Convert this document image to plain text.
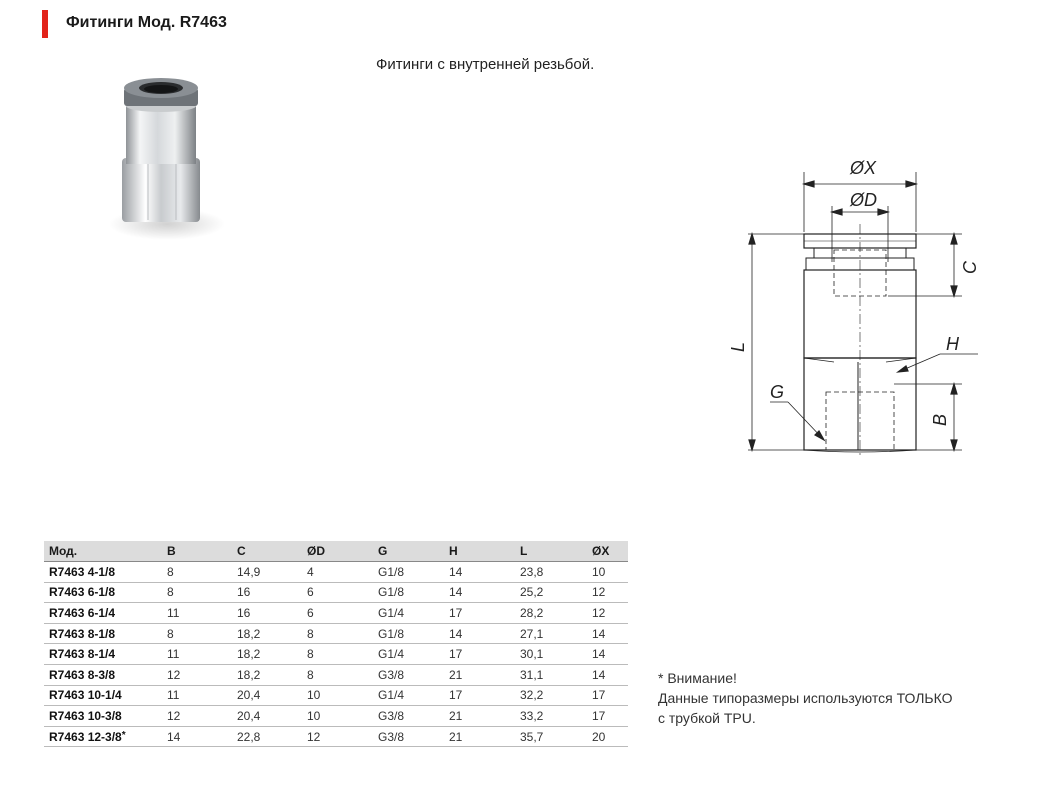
Фитинги Мод. R7463
Фитинги с внутренней резьбой.
ØX
ØD
C
L	H
G
B
Мод.	B	C	ØD	G	H	L	ØX
R7463 4-1/8	8	14,9	4	G1/8	14	23,8	10
R7463 6-1/8	8	16	6	G1/8	14	25,2	12
R7463 6-1/4	11	16	6	G1/4	17	28,2	12
R7463 8-1/8	8	18,2	8	G1/8	14	27,1	14
R7463 8-1/4	11	18,2	8	G1/4	17	30,1	14
R7463 8-3/8	12	18,2	8	G3/8	21	31,1	14
R7463 10-1/4	11	20,4	10	G1/4	17	32,2	17
R7463 10-3/8	12	20,4	10	G3/8	21	33,2	17
R7463 12-3/8*	14	22,8	12	G3/8	21	35,7	20
* Внимание!
Данные типоразмеры используются ТОЛЬКО
с трубкой TPU.
